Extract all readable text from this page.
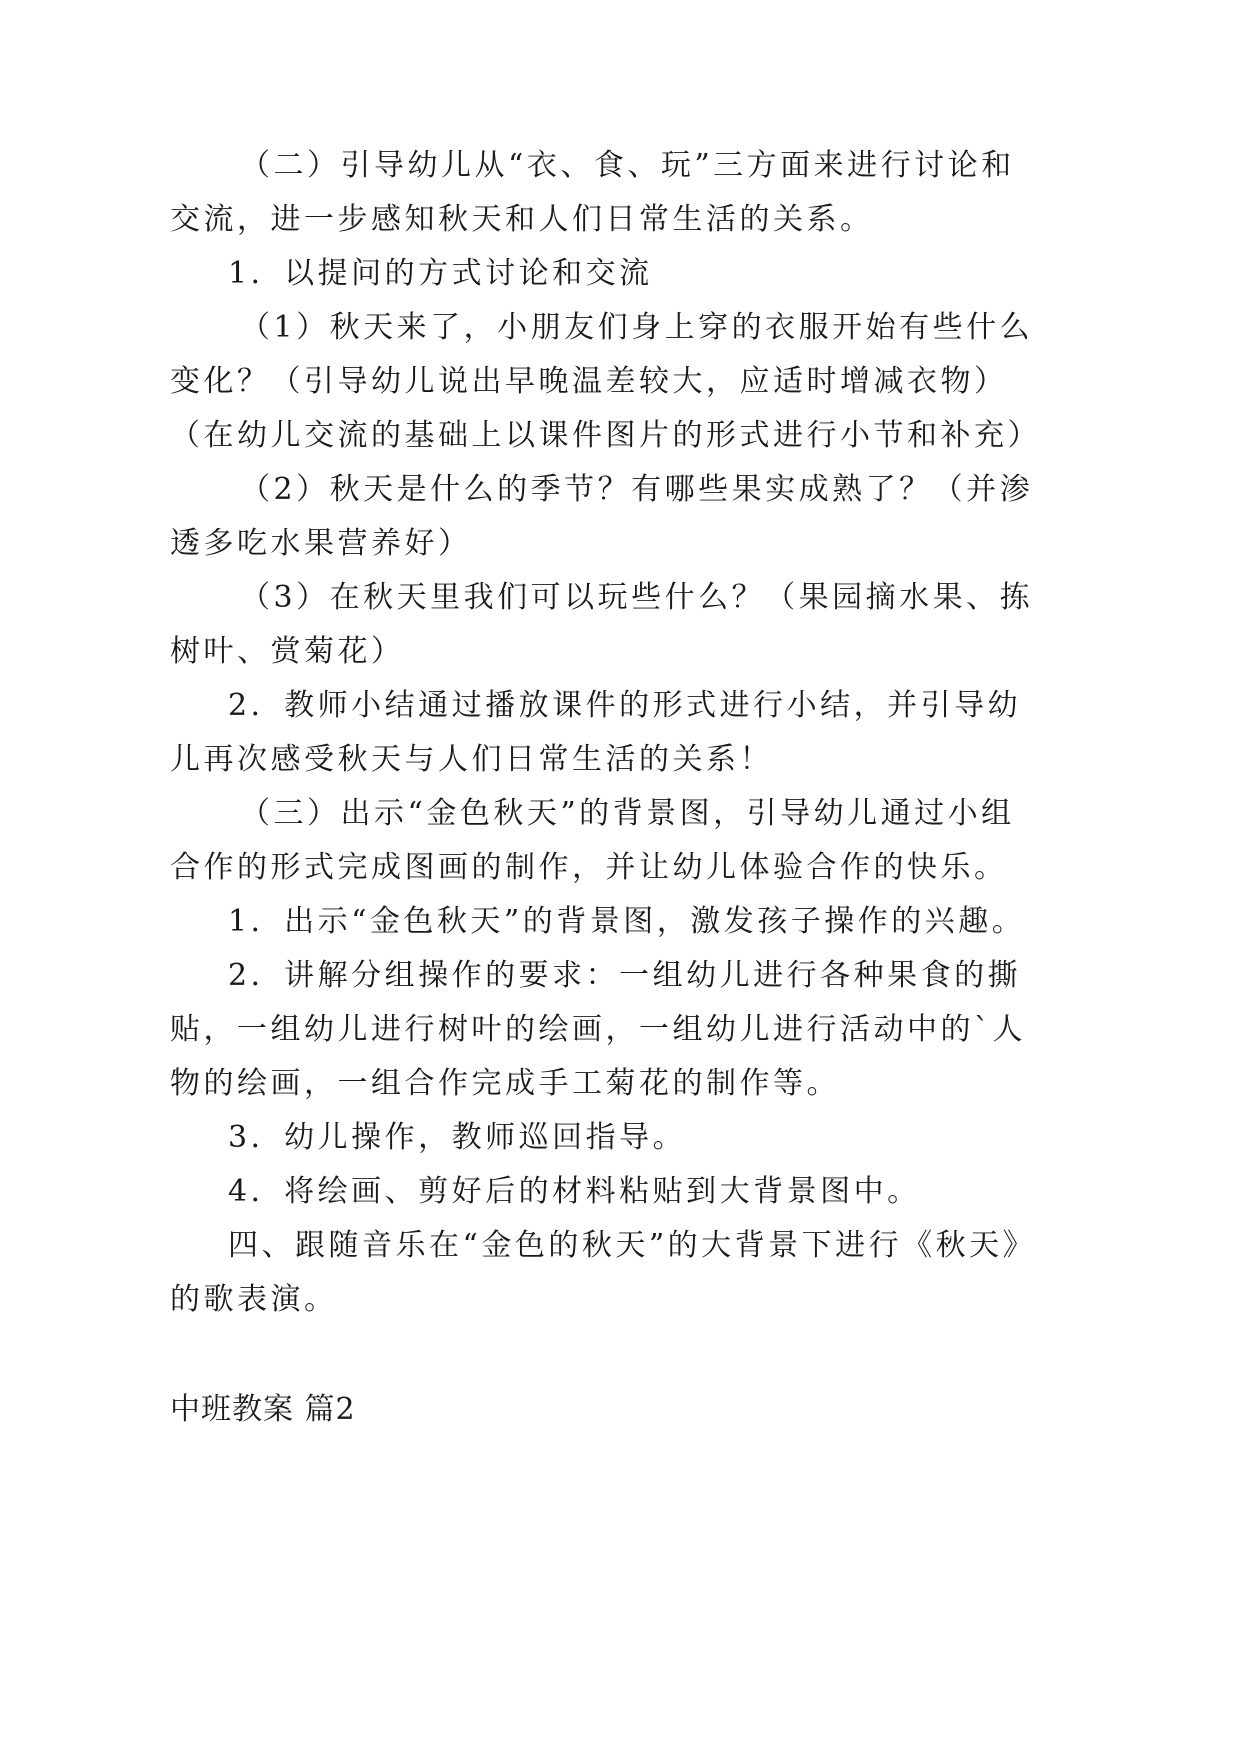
（二）引导幼儿从“衣、食、玩”三方面来进行讨论和

交流，进一步感知秋天和人们日常生活的关系。

1．以提问的方式讨论和交流

（1）秋天来了，小朋友们身上穿的衣服开始有些什么

变化？（引导幼儿说出早晚温差较大，应适时增减衣物）

（在幼儿交流的基础上以课件图片的形式进行小节和补充）

（2）秋天是什么的季节？有哪些果实成熟了？（并渗

透多吃水果营养好）

（3）在秋天里我们可以玩些什么？（果园摘水果、拣

树叶、赏菊花）

2．教师小结通过播放课件的形式进行小结，并引导幼

儿再次感受秋天与人们日常生活的关系！

（三）出示“金色秋天”的背景图，引导幼儿通过小组

合作的形式完成图画的制作，并让幼儿体验合作的快乐。

1．出示“金色秋天”的背景图，激发孩子操作的兴趣。

2．讲解分组操作的要求：一组幼儿进行各种果食的撕

贴，一组幼儿进行树叶的绘画，一组幼儿进行活动中的`人

物的绘画，一组合作完成手工菊花的制作等。

3．幼儿操作，教师巡回指导。

4．将绘画、剪好后的材料粘贴到大背景图中。

四、跟随音乐在“金色的秋天”的大背景下进行《秋天》

的歌表演。

中班教案 篇2
